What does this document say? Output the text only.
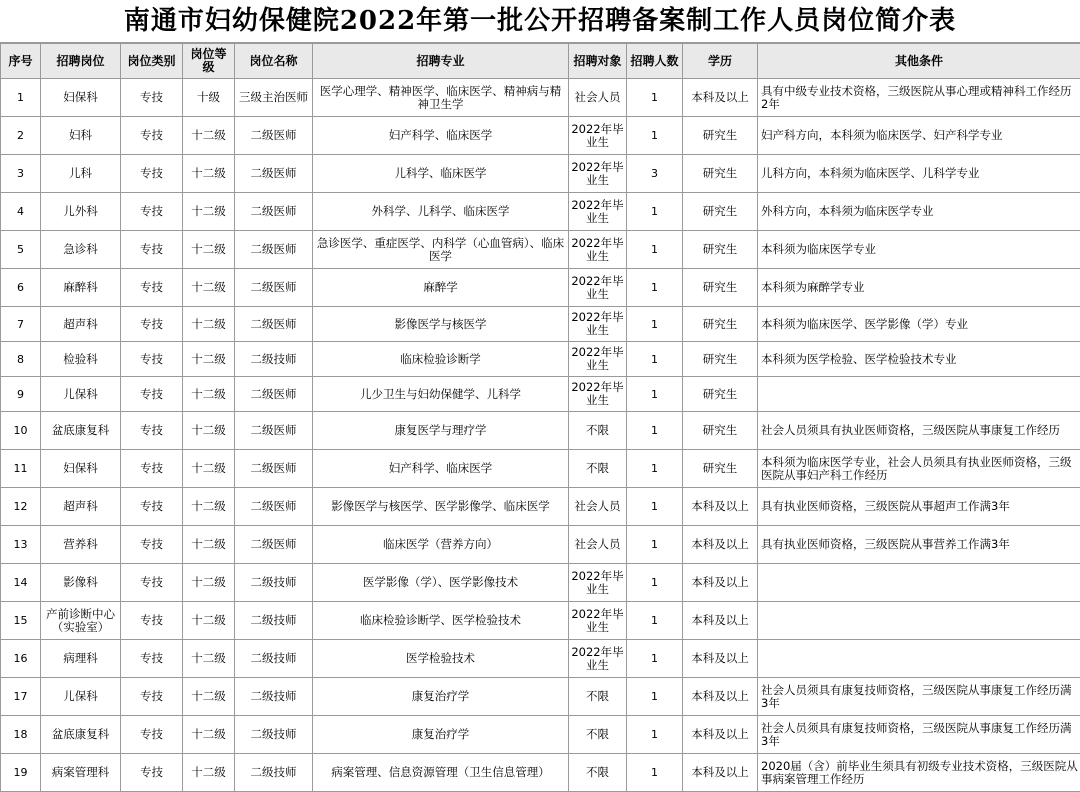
南通市妇幼保健院2022年第一批公开招聘备案制工作人员岗位简介表
序号	招聘岗位	岗位类别	岗位等级	岗位名称	招聘专业	招聘对象	招聘人数	学历	其他条件
1	妇保科	专技	十级	三级主治医师	医学心理学、精神医学、临床医学、精神病与精神卫生学	社会人员	1	本科及以上	具有中级专业技术资格，三级医院从事心理或精神科工作经历2年
2	妇科	专技	十二级	二级医师	妇产科学、临床医学	2022年毕业生	1	研究生	妇产科方向，本科须为临床医学、妇产科学专业
3	儿科	专技	十二级	二级医师	儿科学、临床医学	2022年毕业生	3	研究生	儿科方向，本科须为临床医学、儿科学专业
4	儿外科	专技	十二级	二级医师	外科学、儿科学、临床医学	2022年毕业生	1	研究生	外科方向，本科须为临床医学专业
5	急诊科	专技	十二级	二级医师	急诊医学、重症医学、内科学（心血管病）、临床医学	2022年毕业生	1	研究生	本科须为临床医学专业
6	麻醉科	专技	十二级	二级医师	麻醉学	2022年毕业生	1	研究生	本科须为麻醉学专业
7	超声科	专技	十二级	二级医师	影像医学与核医学	2022年毕业生	1	研究生	本科须为临床医学、医学影像（学）专业
8	检验科	专技	十二级	二级技师	临床检验诊断学	2022年毕业生	1	研究生	本科须为医学检验、医学检验技术专业
9	儿保科	专技	十二级	二级医师	儿少卫生与妇幼保健学、儿科学	2022年毕业生	1	研究生	
10	盆底康复科	专技	十二级	二级医师	康复医学与理疗学	不限	1	研究生	社会人员须具有执业医师资格，三级医院从事康复工作经历
11	妇保科	专技	十二级	二级医师	妇产科学、临床医学	不限	1	研究生	本科须为临床医学专业，社会人员须具有执业医师资格，三级医院从事妇产科工作经历
12	超声科	专技	十二级	二级医师	影像医学与核医学、医学影像学、临床医学	社会人员	1	本科及以上	具有执业医师资格，三级医院从事超声工作满3年
13	营养科	专技	十二级	二级医师	临床医学（营养方向）	社会人员	1	本科及以上	具有执业医师资格，三级医院从事营养工作满3年
14	影像科	专技	十二级	二级技师	医学影像（学）、医学影像技术	2022年毕业生	1	本科及以上	
15	产前诊断中心（实验室）	专技	十二级	二级技师	临床检验诊断学、医学检验技术	2022年毕业生	1	本科及以上	
16	病理科	专技	十二级	二级技师	医学检验技术	2022年毕业生	1	本科及以上	
17	儿保科	专技	十二级	二级技师	康复治疗学	不限	1	本科及以上	社会人员须具有康复技师资格，三级医院从事康复工作经历满3年
18	盆底康复科	专技	十二级	二级技师	康复治疗学	不限	1	本科及以上	社会人员须具有康复技师资格，三级医院从事康复工作经历满3年
19	病案管理科	专技	十二级	二级技师	病案管理、信息资源管理（卫生信息管理）	不限	1	本科及以上	2020届（含）前毕业生须具有初级专业技术资格，三级医院从事病案管理工作经历
